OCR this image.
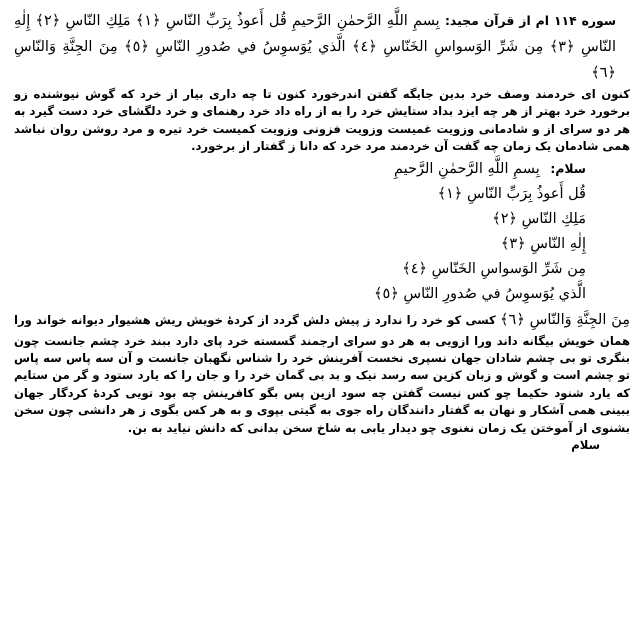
سوره ۱۱۴ ام از قرآن مجید: بِسمِ اللَّهِ الرَّحمٰنِ الرَّحيمِ قُل أَعوذُ بِرَبِّ النّاسِ ﴿١﴾ مَلِكِ النّاسِ ﴿٢﴾ إِلٰهِ النّاسِ ﴿٣﴾ مِن شَرِّ الوَسواسِ الخَنّاسِ ﴿٤﴾ الَّذي يُوَسوِسُ في صُدورِ النّاسِ ﴿٥﴾ مِنَ الجِنَّةِ وَالنّاسِ ﴿٦﴾

کنون ای خردمند وصف خرد بدین جایگه گفتن اندرخورد کنون تا چه داری بیار از خرد که گوش نیوشنده زو برخورد خرد بهتر از هر چه ایزد بداد ستایش خرد را به از راه داد خرد رهنمای و خرد دلگشای خرد دست گیرد به هر دو سرای از و شادمانی وزویت غمیست وزویت فزونی وزویت کمیست خرد تیره و مرد روشن روان نباشد همی شادمان یک زمان چه گفت آن خردمند مرد خرد که دانا ز گفتار از برخورد.

سلام: بِسمِ اللَّهِ الرَّحمٰنِ الرَّحيمِ
قُل أَعوذُ بِرَبِّ النّاسِ ﴿١﴾
مَلِكِ النّاسِ ﴿٢﴾
إِلٰهِ النّاسِ ﴿٣﴾
مِن شَرِّ الوَسواسِ الخَنّاسِ ﴿٤﴾
الَّذي يُوَسوِسُ في صُدورِ النّاسِ ﴿٥﴾

مِنَ الجِنَّةِ وَالنّاسِ ﴿٦﴾ کسی کو خرد را ندارد ز پیش دلش گردد از کردهٔ خویش ریش هشیوار دیوانه خواند ورا همان خویش بیگانه داند ورا ازویی به هر دو سرای ارجمند گسسته خرد پای دارد ببند خرد چشم جانست چون بنگری تو بی چشم شادان جهان نسپری نخست آفرینش خرد را شناس نگهبان جانست و آن سه پاس سه پاس تو چشم است و گوش و زبان کزین سه رسد نیک و بد بی گمان خرد را و جان را که یارد ستود و گر من ستایم که یارد شنود حکیما چو کس نیست گفتن چه سود ازین پس بگو کافرینش چه بود تویی کردهٔ کردگار جهان ببینی همی آشکار و نهان به گفتار دانندگان راه جوی به گیتی بپوی و به هر کس بگوی ز هر دانشی چون سخن بشنوی از آموختن یک زمان نغنوی چو دیدار یابی به شاخ سخن بدانی که دانش نیاید به بن.

سلام
